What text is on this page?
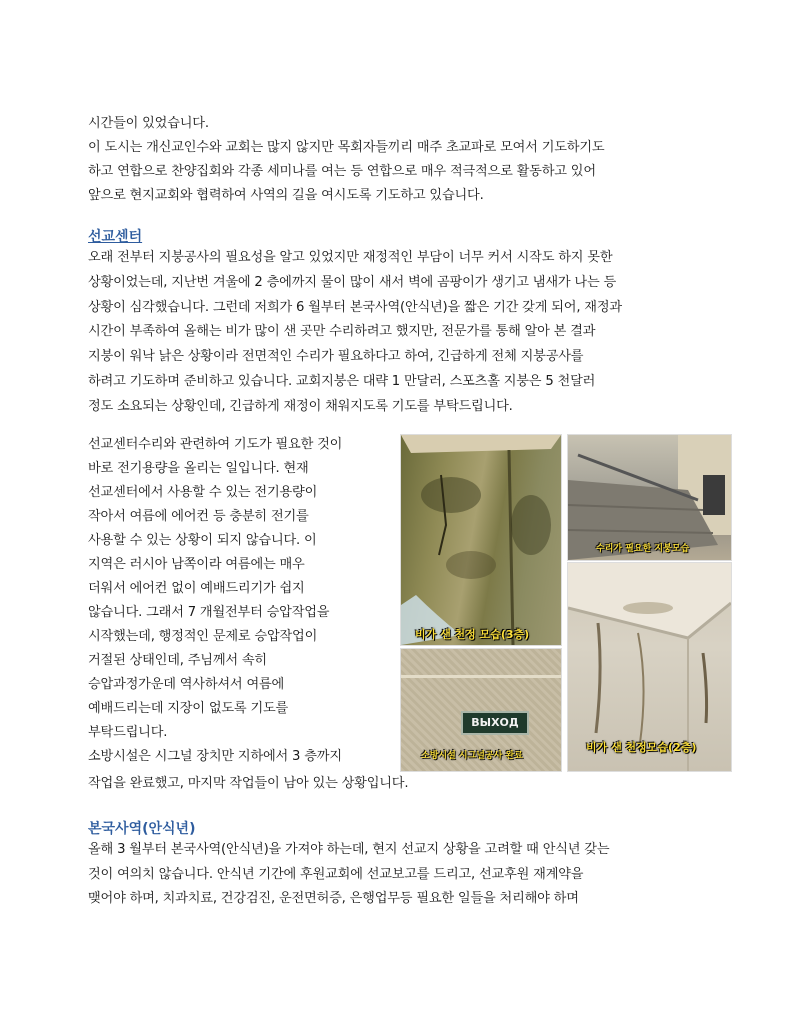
시간들이 있었습니다.
이 도시는 개신교인수와 교회는 많지 않지만 목회자들끼리 매주 초교파로 모여서 기도하기도
하고 연합으로 찬양집회와 각종 세미나를 여는 등 연합으로 매우 적극적으로 활동하고 있어
앞으로 현지교회와 협력하여 사역의 길을 여시도록 기도하고 있습니다.
선교센터
오래 전부터 지붕공사의 필요성을 알고 있었지만 재정적인 부담이 너무 커서 시작도 하지 못한
상황이었는데, 지난번 겨울에 2 층에까지 물이 많이 새서 벽에 곰팡이가 생기고 냄새가 나는 등
상황이 심각했습니다. 그런데 저희가 6 월부터 본국사역(안식년)을 짧은 기간 갖게 되어, 재정과
시간이 부족하여 올해는 비가 많이 샌 곳만 수리하려고 했지만, 전문가를 통해 알아 본 결과
지붕이 워낙 낡은 상황이라 전면적인 수리가 필요하다고 하여, 긴급하게 전체 지붕공사를
하려고 기도하며 준비하고 있습니다. 교회지붕은 대략 1 만달러, 스포츠홀 지붕은 5 천달러
정도 소요되는 상황인데, 긴급하게 재정이 채워지도록 기도를 부탁드립니다.
선교센터수리와 관련하여 기도가 필요한 것이
바로 전기용량을 올리는 일입니다. 현재
선교센터에서 사용할 수 있는 전기용량이
작아서 여름에 에어컨 등 충분히 전기를
사용할 수 있는 상황이 되지 않습니다. 이
지역은 러시아 남쪽이라 여름에는 매우
더워서 에어컨 없이 예배드리기가 쉽지
않습니다. 그래서 7 개월전부터 승압작업을
시작했는데, 행정적인 문제로 승압작업이
거절된 상태인데, 주님께서 속히
승압과정가운데 역사하셔서 여름에
예배드리는데 지장이 없도록 기도를
부탁드립니다.
소방시설은 시그널 장치만 지하에서 3 층까지
작업을 완료했고, 마지막 작업들이 남아 있는 상황입니다.
비가 샌 천정 모습(3층)
수리가 필요한 지붕모습
ВЫХОД
소방시설 시그널공사 완료
비가 샌 천정모습(2층)
본국사역(안식년)
올해 3 월부터 본국사역(안식년)을 가져야 하는데, 현지 선교지 상황을 고려할 때 안식년 갖는
것이 여의치 않습니다. 안식년 기간에 후원교회에 선교보고를 드리고, 선교후원 재계약을
맺어야 하며, 치과치료, 건강검진, 운전면허증, 은행업무등 필요한 일들을 처리해야 하며
